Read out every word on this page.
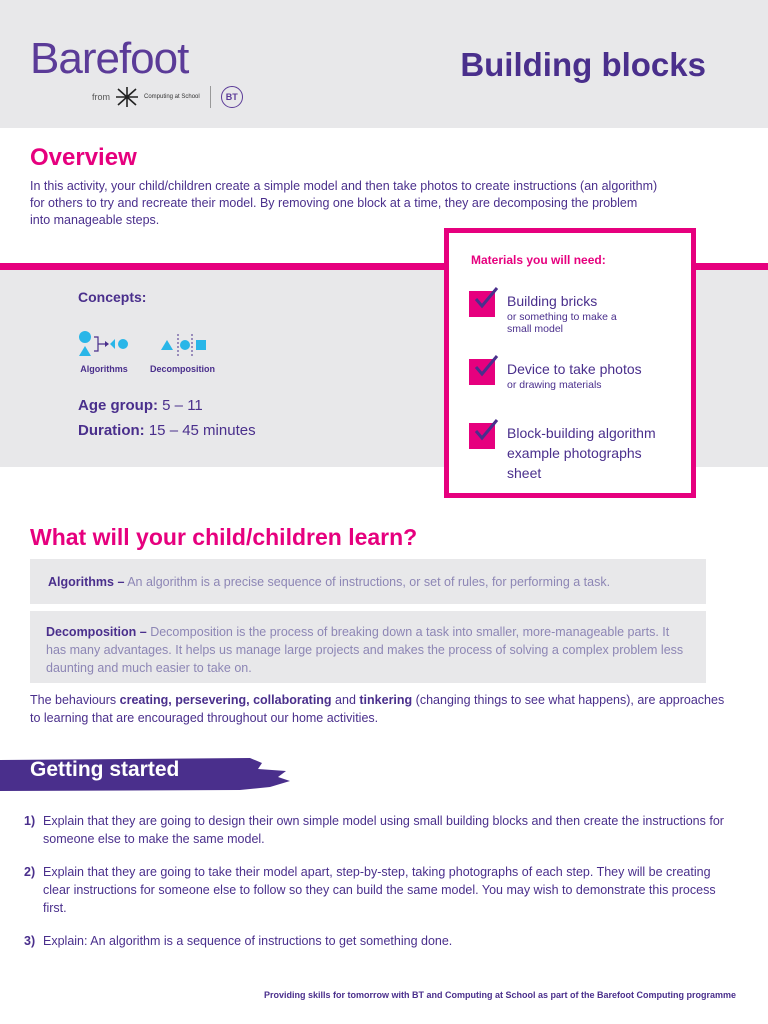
Barefoot
from	Computing at School	BT
Building blocks
Overview
In this activity, your child/children create a simple model and then take photos to create instructions (an algorithm) for others to try and recreate their model. By removing one block at a time, they are decomposing the problem into manageable steps.
Concepts:
Algorithms	Decomposition
Age group: 5 – 11
Duration: 15 – 45 minutes
Materials you will need:
Building bricks
or something to make a small model
Device to take photos
or drawing materials
Block-building algorithm example photographs sheet
What will your child/children learn?
Algorithms – An algorithm is a precise sequence of instructions, or set of rules, for performing a task.
Decomposition – Decomposition is the process of breaking down a task into smaller, more-manageable parts. It has many advantages. It helps us manage large projects and makes the process of solving a complex problem less daunting and much easier to take on.
The behaviours creating, persevering, collaborating and tinkering (changing things to see what happens), are approaches to learning that are encouraged throughout our home activities.
Getting started
1) Explain that they are going to design their own simple model using small building blocks and then create the instructions for someone else to make the same model.
2) Explain that they are going to take their model apart, step-by-step, taking photographs of each step. They will be creating clear instructions for someone else to follow so they can build the same model. You may wish to demonstrate this process first.
3) Explain: An algorithm is a sequence of instructions to get something done.
Providing skills for tomorrow with BT and Computing at School as part of the Barefoot Computing programme
